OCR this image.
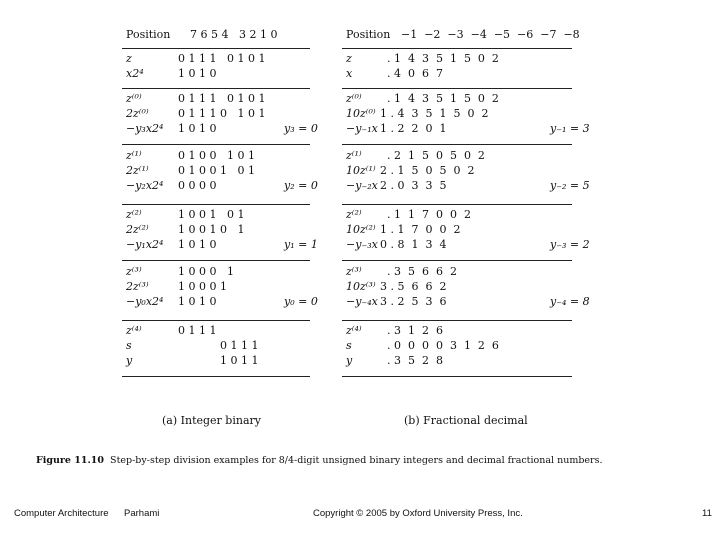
Position 7 6 5 4   3 2 1 0
z	0 1 1 1   0 1 0 1
x2⁴	1 0 1 0
z⁽⁰⁾	0 1 1 1   0 1 0 1
2z⁽⁰⁾	0 1 1 1 0   1 0 1
−y₃x2⁴ 1 0 1 0	y₃ = 0
z⁽¹⁾	0 1 0 0   1 0 1
2z⁽¹⁾	0 1 0 0 1   0 1
−y₂x2⁴ 0 0 0 0	y₂ = 0
z⁽²⁾	1 0 0 1   0 1
2z⁽²⁾	1 0 0 1 0   1
−y₁x2⁴ 1 0 1 0	y₁ = 1
z⁽³⁾	1 0 0 0   1
2z⁽³⁾	1 0 0 0 1
−y₀x2⁴ 1 0 1 0	y₀ = 0
z⁽⁴⁾	0 1 1 1
s	0 1 1 1
y	1 0 1 1
Position −1  −2  −3  −4  −5  −6  −7  −8
z	. 1  4  3  5  1  5  0  2
x	. 4  0  6  7
z⁽⁰⁾ . 1  4  3  5  1  5  0  2
10z⁽⁰⁾ 1 . 4  3  5  1  5  0  2
−y₋₁x 1 . 2  2  0  1	y₋₁ = 3
z⁽¹⁾ . 2  1  5  0  5  0  2
10z⁽¹⁾ 2 . 1  5  0  5  0  2
−y₋₂x 2 . 0  3  3  5	y₋₂ = 5
z⁽²⁾ . 1  1  7  0  0  2
10z⁽²⁾ 1 . 1  7  0  0  2
−y₋₃x 0 . 8  1  3  4	y₋₃ = 2
z⁽³⁾ . 3  5  6  6  2
10z⁽³⁾ 3 . 5  6  6  2
−y₋₄x 3 . 2  5  3  6	y₋₄ = 8
z⁽⁴⁾ . 3  1  2  6
s	. 0  0  0  0  3  1  2  6
y	. 3  5  2  8
(a) Integer binary	(b) Fractional decimal
Figure 11.10  Step-by-step division examples for 8/4-digit unsigned binary integers and decimal fractional numbers.
Computer Architecture Parhami	Copyright © 2005 by Oxford University Press, Inc.	11
